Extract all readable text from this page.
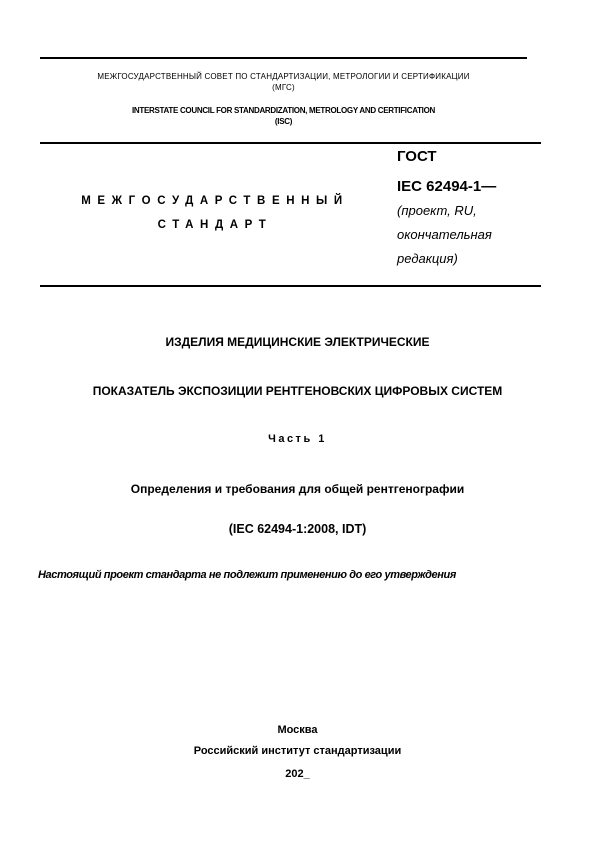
МЕЖГОСУДАРСТВЕННЫЙ СОВЕТ ПО СТАНДАРТИЗАЦИИ, МЕТРОЛОГИИ И СЕРТИФИКАЦИИ
(МГС)
INTERSTATE COUNCIL FOR STANDARDIZATION, METROLOGY AND CERTIFICATION
(ISC)
МЕЖГОСУДАРСТВЕННЫЙ
СТАНДАРТ
ГОСТ
IEC 62494-1—
(проект, RU,
окончательная
редакция)
ИЗДЕЛИЯ МЕДИЦИНСКИЕ ЭЛЕКТРИЧЕСКИЕ
ПОКАЗАТЕЛЬ ЭКСПОЗИЦИИ РЕНТГЕНОВСКИХ ЦИФРОВЫХ СИСТЕМ
Часть 1
Определения и требования для общей рентгенографии
(IEC 62494-1:2008, IDT)
Настоящий проект стандарта не подлежит применению до его утверждения
Москва
Российский институт стандартизации
202_
